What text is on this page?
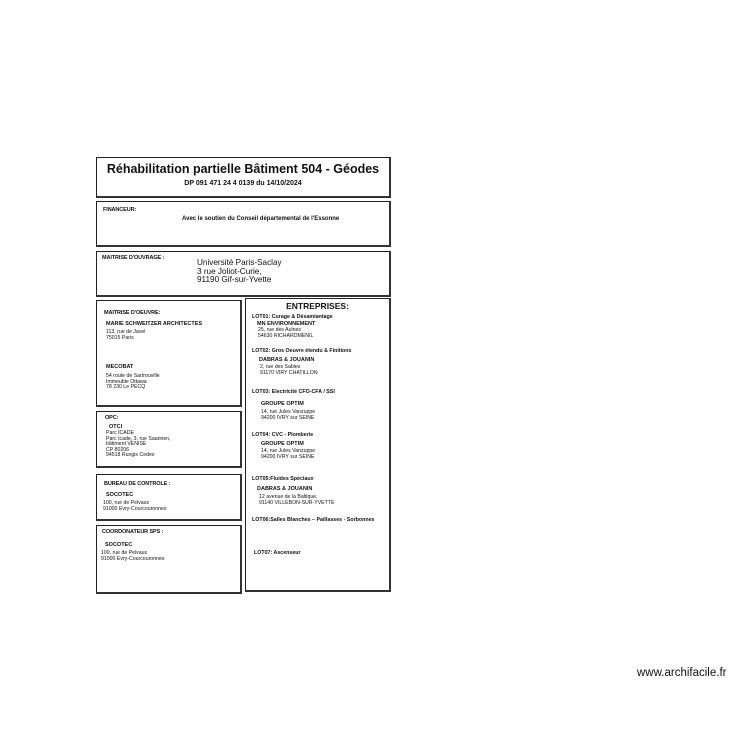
Réhabilitation partielle Bâtiment 504 - Géodes
DP 091 471 24 4 0139 du 14/10/2024
FINANCEUR:
Avec le soutien du Conseil départemental de l'Essonne
MAITRISE D'OUVRAGE :	Université Paris-Saclay
3 rue Joliot-Curie,
91190 Gif-sur-Yvette
MAITRISE D'OEUVRE:
MARIE SCHWEITZER ARCHITECTES
113, rue de Javel
75015 Paris
MECOBAT
54 route de Sartrouville
Immeuble Ottawa
78 230 Le PECQ
OPC:
OTCI
Parc ICADE
Parc Icade, 3, rue Saarinen,
bâtiment VENISE
CP 80206
94518 Rungis Cedex
BUREAU DE CONTROLE :
SOCOTEC
100, rue de Pelvaux
91000 Evry-Courcouronnes
COORDONATEUR SPS :
SOCOTEC
100, rue de Pelvaux
91000 Evry-Courcouronnes
ENTREPRISES:
LOT01: Curage & Désamiantage
MN ENVIRONNEMENT
25, rue des Aulnes
54630 RICHARDMENIL
LOT02: Gros Oeuvre étendu & Finitions
DABRAS & JOUANIN
2, rue des Sables
91170 VIRY CHATILLON
LOT03: Electricité CFO-CFA / SSI
GROUPE OPTIM
14, rue Jules Vanzuppe
94200 IVRY sur SEINE
LOT04: CVC - Plomberie
GROUPE OPTIM
14, rue Jules Vanzuppe
94200 IVRY sur SEINE
LOT05:Fluides Spéciaux
DABRAS & JOUANIN
12 avenue de la Baltique,
91140 VILLEBON-SUR-YVETTE
LOT06:Salles Blanches – Paillasses - Sorbonnes
LOT07: Ascenseur
www.archifacile.fr
